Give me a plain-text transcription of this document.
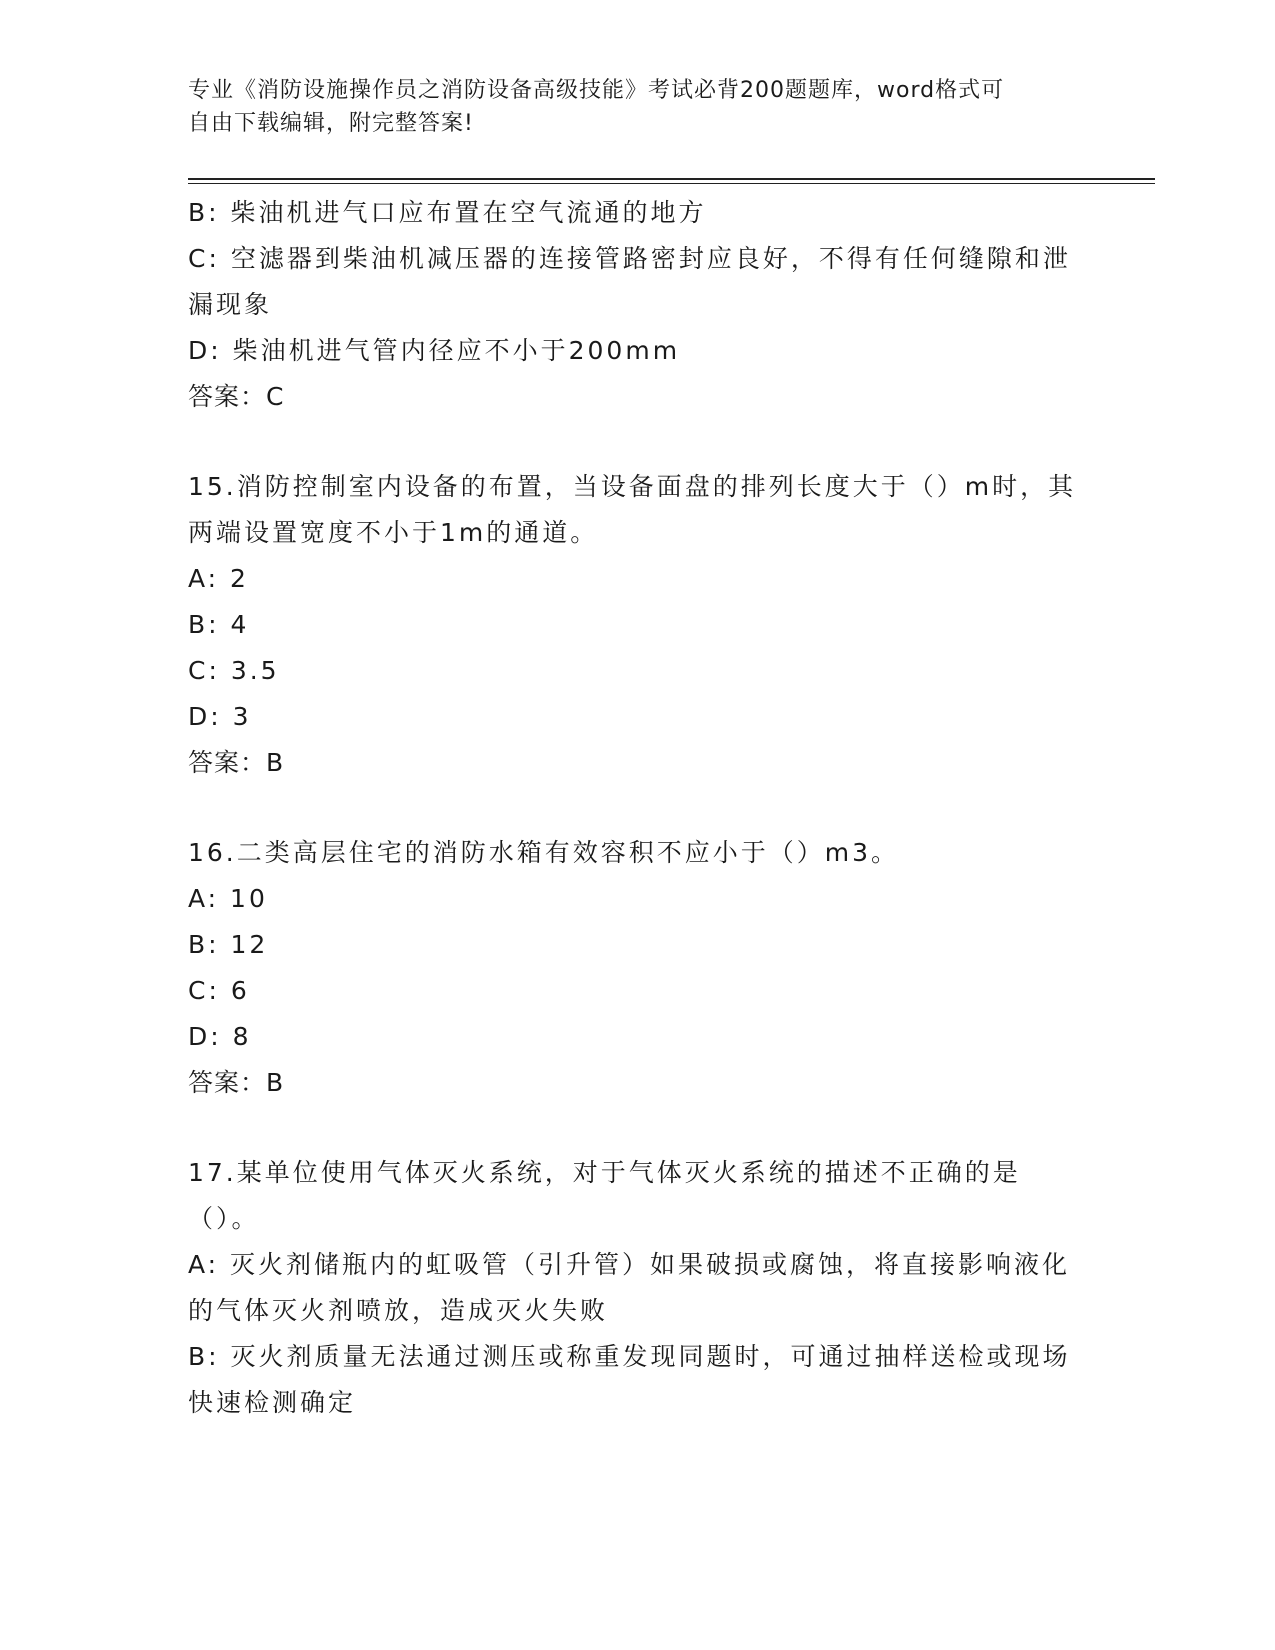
专业《消防设施操作员之消防设备高级技能》考试必背200题题库，word格式可
自由下载编辑，附完整答案!

B: 柴油机进气口应布置在空气流通的地方

C: 空滤器到柴油机减压器的连接管路密封应良好，不得有任何缝隙和泄漏现象

D: 柴油机进气管内径应不小于200mm

答案：C

15.消防控制室内设备的布置，当设备面盘的排列长度大于（）m时，其两端设置宽度不小于1m的通道。

A: 2

B: 4

C: 3.5

D: 3

答案：B

16.二类高层住宅的消防水箱有效容积不应小于（）m3。

A: 10

B: 12

C: 6

D: 8

答案：B

17.某单位使用气体灭火系统，对于气体灭火系统的描述不正确的是（）。

A: 灭火剂储瓶内的虹吸管（引升管）如果破损或腐蚀，将直接影响液化的气体灭火剂喷放，造成灭火失败

B: 灭火剂质量无法通过测压或称重发现同题时，可通过抽样送检或现场快速检测确定
